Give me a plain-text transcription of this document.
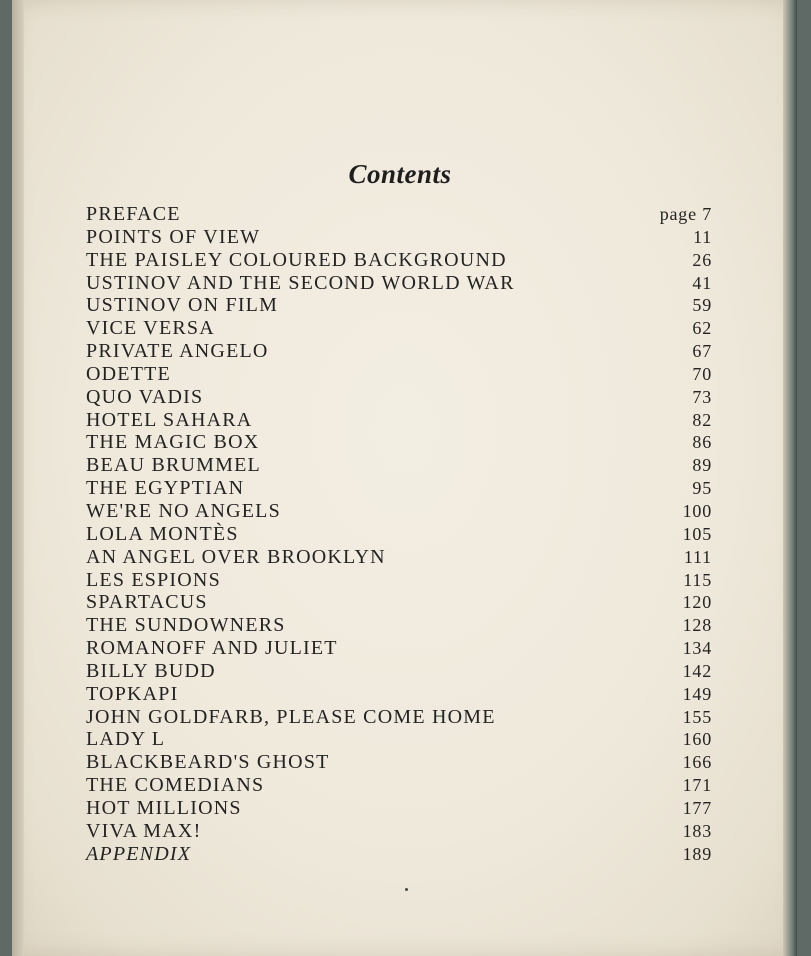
Contents
PREFACE	page 7
POINTS OF VIEW	11
THE PAISLEY COLOURED BACKGROUND	26
USTINOV AND THE SECOND WORLD WAR	41
USTINOV ON FILM	59
VICE VERSA	62
PRIVATE ANGELO	67
ODETTE	70
QUO VADIS	73
HOTEL SAHARA	82
THE MAGIC BOX	86
BEAU BRUMMEL	89
THE EGYPTIAN	95
WE'RE NO ANGELS	100
LOLA MONTÈS	105
AN ANGEL OVER BROOKLYN	111
LES ESPIONS	115
SPARTACUS	120
THE SUNDOWNERS	128
ROMANOFF AND JULIET	134
BILLY BUDD	142
TOPKAPI	149
JOHN GOLDFARB, PLEASE COME HOME	155
LADY L	160
BLACKBEARD'S GHOST	166
THE COMEDIANS	171
HOT MILLIONS	177
VIVA MAX!	183
APPENDIX	189
